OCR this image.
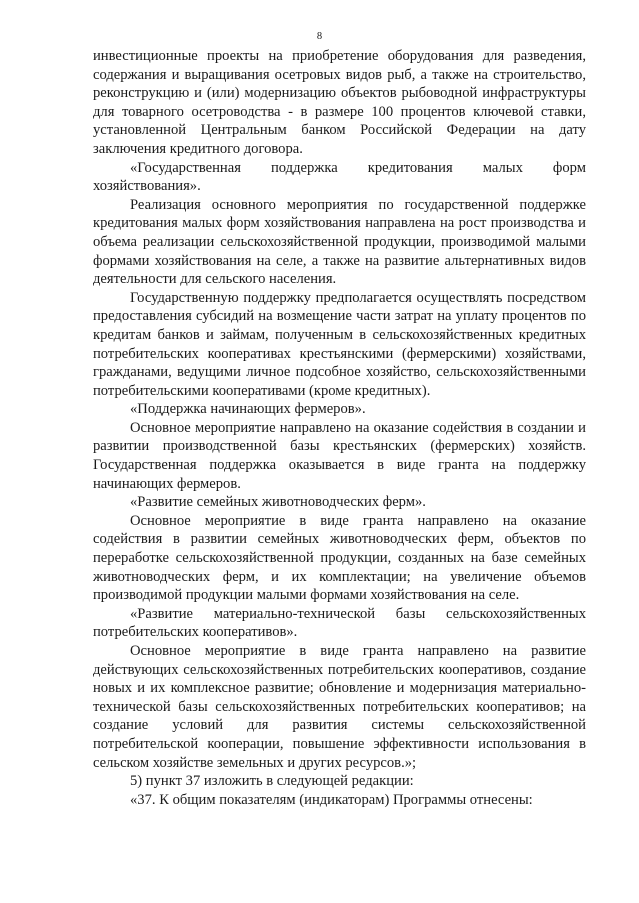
8

инвестиционные проекты на приобретение оборудования для разведения, содержания и выращивания осетровых видов рыб, а также на строительство, реконструкцию и (или) модернизацию объектов рыбоводной инфраструктуры для товарного осетроводства - в размере 100 процентов ключевой ставки, установленной Центральным банком Российской Федерации на дату заключения кредитного договора.

«Государственная поддержка кредитования малых форм хозяйствования».

Реализация основного мероприятия по государственной поддержке кредитования малых форм хозяйствования направлена на рост производства и объема реализации сельскохозяйственной продукции, производимой малыми формами хозяйствования на селе, а также на развитие альтернативных видов деятельности для сельского населения.

Государственную поддержку предполагается осуществлять посредством предоставления субсидий на возмещение части затрат на уплату процентов по кредитам банков и займам, полученным в сельскохозяйственных кредитных потребительских кооперативах крестьянскими (фермерскими) хозяйствами, гражданами, ведущими личное подсобное хозяйство, сельскохозяйственными потребительскими кооперативами (кроме кредитных).

«Поддержка начинающих фермеров».

Основное мероприятие направлено на оказание содействия в создании и развитии производственной базы крестьянских (фермерских) хозяйств. Государственная поддержка оказывается в виде гранта на поддержку начинающих фермеров.

«Развитие семейных животноводческих ферм».

Основное мероприятие в виде гранта направлено на оказание содействия в развитии семейных животноводческих ферм, объектов по переработке сельскохозяйственной продукции, созданных на базе семейных животноводческих ферм, и их комплектации; на увеличение объемов производимой продукции малыми формами хозяйствования на селе.

«Развитие материально-технической базы сельскохозяйственных потребительских кооперативов».

Основное мероприятие в виде гранта направлено на развитие действующих сельскохозяйственных потребительских кооперативов, создание новых и их комплексное развитие; обновление и модернизация материально-технической базы сельскохозяйственных потребительских кооперативов; на создание условий для развития системы сельскохозяйственной потребительской кооперации, повышение эффективности использования в сельском хозяйстве земельных и других ресурсов.»;

5) пункт 37 изложить в следующей редакции:

«37. К общим показателям (индикаторам) Программы отнесены:
